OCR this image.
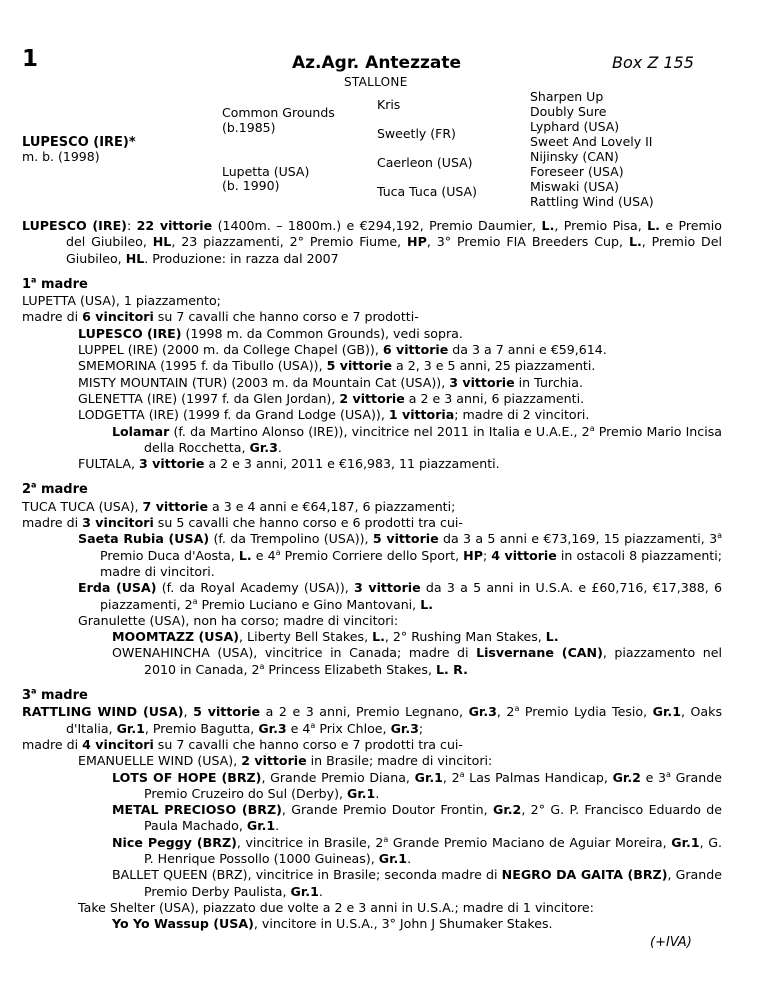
1	Az.Agr. Antezzate	Box Z 155
STALLONE
LUPESCO (IRE)*
m. b. (1998)
Common Grounds
(b.1985)
Lupetta (USA)
(b. 1990)
Kris
Sweetly (FR)
Caerleon (USA)
Tuca Tuca (USA)
Sharpen Up
Doubly Sure
Lyphard (USA)
Sweet And Lovely II
Nijinsky (CAN)
Foreseer (USA)
Miswaki (USA)
Rattling Wind (USA)

LUPESCO (IRE): 22 vittorie (1400m. – 1800m.) e €294,192, Premio Daumier, L., Premio Pisa, L. e Premio del Giubileo, HL, 23 piazzamenti, 2° Premio Fiume, HP, 3° Premio FIA Breeders Cup, L., Premio Del Giubileo, HL. Produzione: in razza dal 2007

1$^a$ madre

LUPETTA (USA), 1 piazzamento;

madre di 6 vincitori su 7 cavalli che hanno corso e 7 prodotti-

LUPESCO (IRE) (1998 m. da Common Grounds), vedi sopra.

LUPPEL (IRE) (2000 m. da College Chapel (GB)), 6 vittorie da 3 a 7 anni e €59,614.

SMEMORINA (1995 f. da Tibullo (USA)), 5 vittorie a 2, 3 e 5 anni, 25 piazzamenti.

MISTY MOUNTAIN (TUR) (2003 m. da Mountain Cat (USA)), 3 vittorie in Turchia.

GLENETTA (IRE) (1997 f. da Glen Jordan), 2 vittorie a 2 e 3 anni, 6 piazzamenti.

LODGETTA (IRE) (1999 f. da Grand Lodge (USA)), 1 vittoria; madre di 2 vincitori.

Lolamar (f. da Martino Alonso (IRE)), vincitrice nel 2011 in Italia e U.A.E., 2$^a$ Premio Mario Incisa della Rocchetta, Gr.3.

FULTALA, 3 vittorie a 2 e 3 anni, 2011 e €16,983, 11 piazzamenti.

2$^a$ madre

TUCA TUCA (USA), 7 vittorie a 3 e 4 anni e €64,187, 6 piazzamenti;

madre di 3 vincitori su 5 cavalli che hanno corso e 6 prodotti tra cui-

Saeta Rubia (USA) (f. da Trempolino (USA)), 5 vittorie da 3 a 5 anni e €73,169, 15 piazzamenti, 3$^a$ Premio Duca d'Aosta, L. e 4$^a$ Premio Corriere dello Sport, HP; 4 vittorie in ostacoli 8 piazzamenti; madre di vincitori.

Erda (USA) (f. da Royal Academy (USA)), 3 vittorie da 3 a 5 anni in U.S.A. e £60,716, €17,388, 6 piazzamenti, 2$^a$ Premio Luciano e Gino Mantovani, L.

Granulette (USA), non ha corso; madre di vincitori:

MOOMTAZZ (USA), Liberty Bell Stakes, L., 2° Rushing Man Stakes, L.

OWENAHINCHA (USA), vincitrice in Canada; madre di Lisvernane (CAN), piazzamento nel 2010 in Canada, 2$^a$ Princess Elizabeth Stakes, L. R.

3$^a$ madre

RATTLING WIND (USA), 5 vittorie a 2 e 3 anni, Premio Legnano, Gr.3, 2$^a$ Premio Lydia Tesio, Gr.1, Oaks d'Italia, Gr.1, Premio Bagutta, Gr.3 e 4$^a$ Prix Chloe, Gr.3;

madre di 4 vincitori su 7 cavalli che hanno corso e 7 prodotti tra cui-

EMANUELLE WIND (USA), 2 vittorie in Brasile; madre di vincitori:

LOTS OF HOPE (BRZ), Grande Premio Diana, Gr.1, 2$^a$ Las Palmas Handicap, Gr.2 e 3$^a$ Grande Premio Cruzeiro do Sul (Derby), Gr.1.

METAL PRECIOSO (BRZ), Grande Premio Doutor Frontin, Gr.2, 2° G. P. Francisco Eduardo de Paula Machado, Gr.1.

Nice Peggy (BRZ), vincitrice in Brasile, 2$^a$ Grande Premio Maciano de Aguiar Moreira, Gr.1, G. P. Henrique Possollo (1000 Guineas), Gr.1.

BALLET QUEEN (BRZ), vincitrice in Brasile; seconda madre di NEGRO DA GAITA (BRZ), Grande Premio Derby Paulista, Gr.1.

Take Shelter (USA), piazzato due volte a 2 e 3 anni in U.S.A.; madre di 1 vincitore:

Yo Yo Wassup (USA), vincitore in U.S.A., 3° John J Shumaker Stakes.

(+IVA)
